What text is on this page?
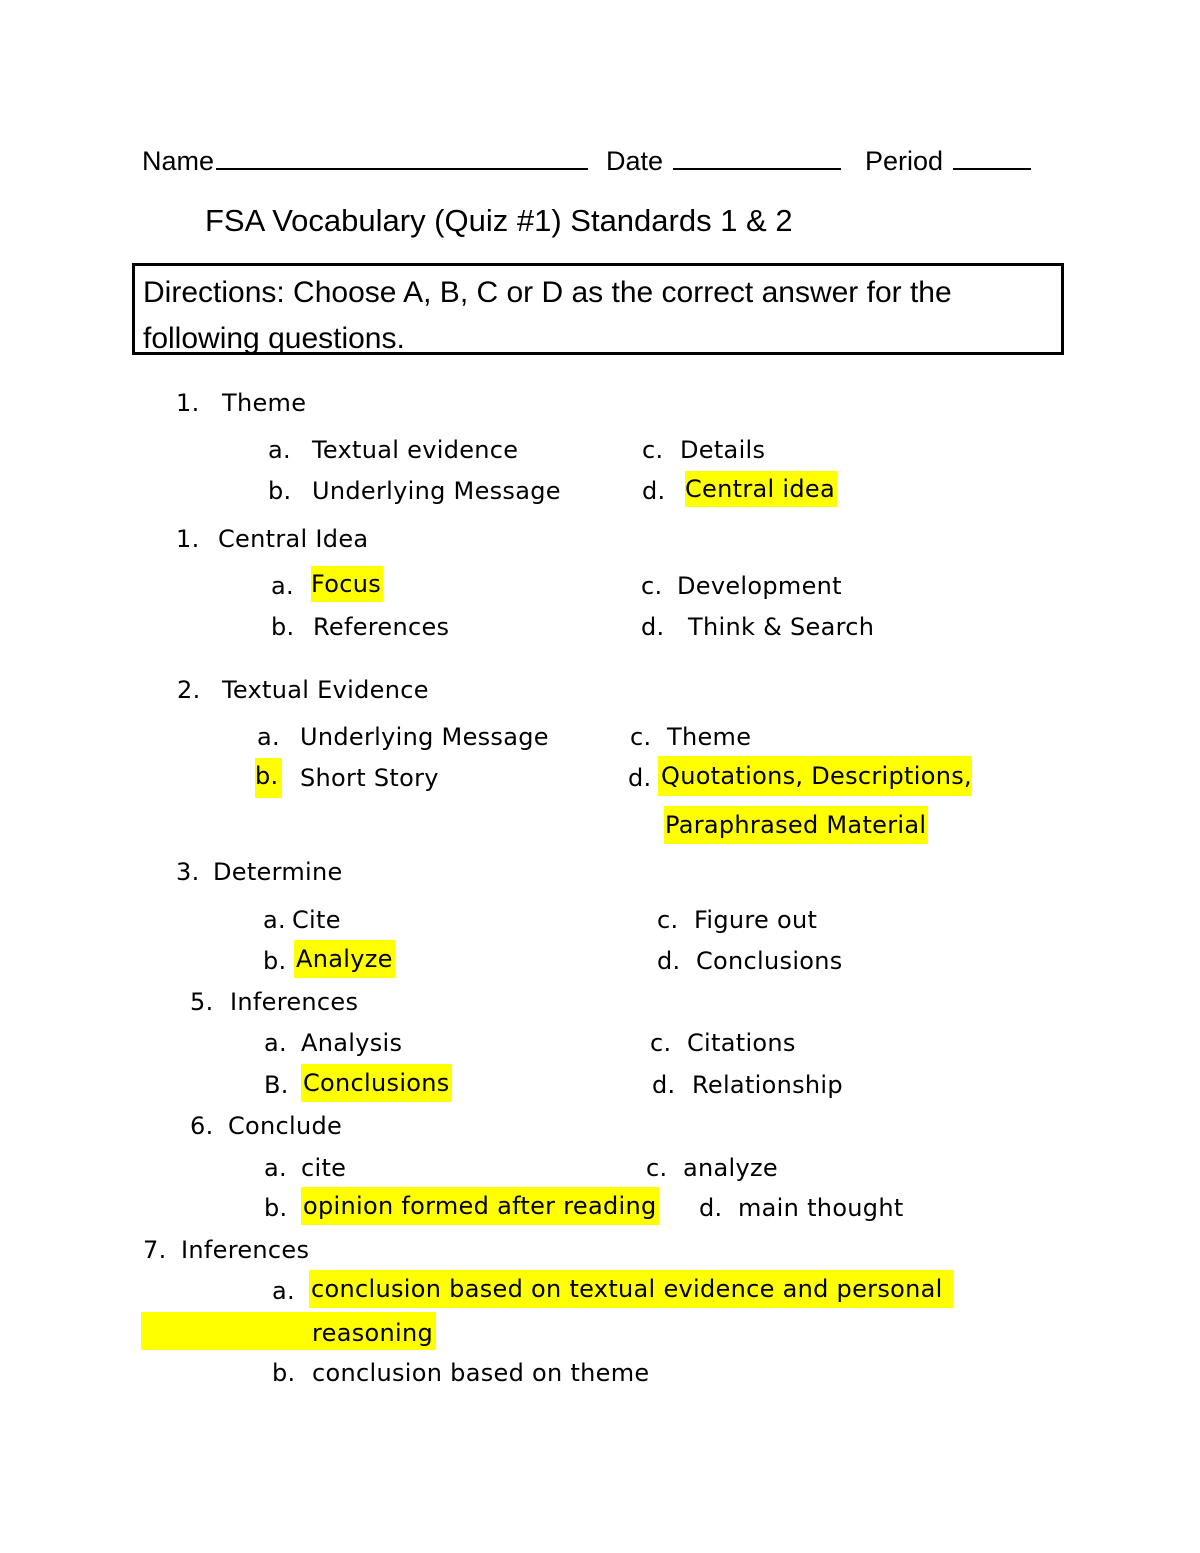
Name	Date	Period
FSA Vocabulary (Quiz #1) Standards 1 & 2
Directions: Choose A, B, C or D as the correct answer for the following questions.
1. Theme
a. Textual evidence
b. Underlying Message
c. Details
d. Central idea
1. Central Idea
a. Focus
b. References
c. Development
d. Think & Search
2. Textual Evidence
a. Underlying Message
b. Short Story
c. Theme
d. Quotations, Descriptions,
Paraphrased Material
3. Determine
a. Cite
b. Analyze
c. Figure out
d. Conclusions
5. Inferences
a. Analysis
B. Conclusions
c. Citations
d. Relationship
6. Conclude
a. cite
b. opinion formed after reading
c. analyze
d. main thought
7. Inferences
a. conclusion based on textual evidence and personal
reasoning
b. conclusion based on theme
